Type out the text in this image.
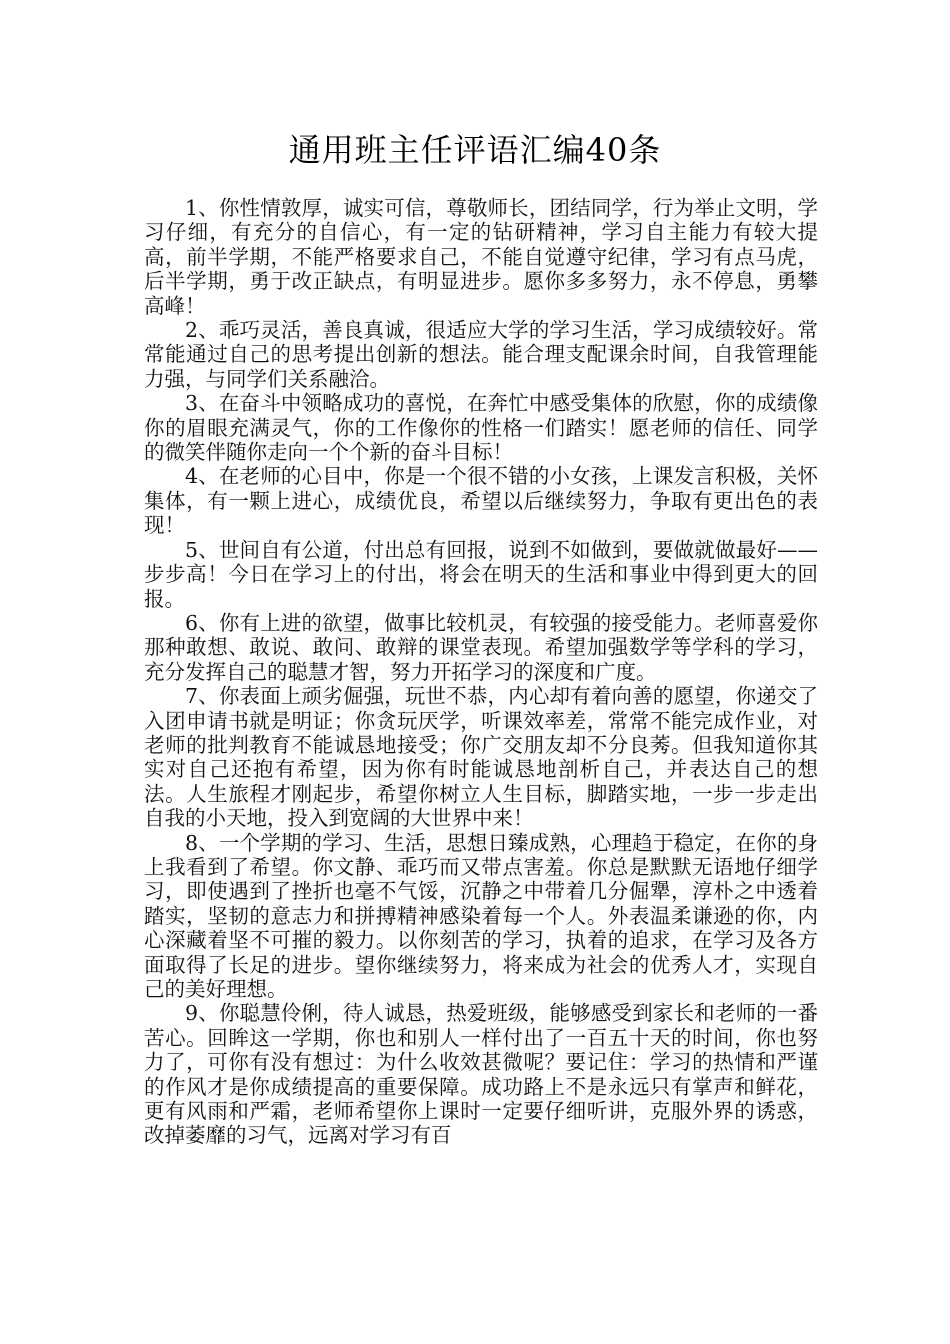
通用班主任评语汇编40条

1、你性情敦厚，诚实可信，尊敬师长，团结同学，行为举止文明，学习仔细，有充分的自信心，有一定的钻研精神，学习自主能力有较大提高，前半学期，不能严格要求自己，不能自觉遵守纪律，学习有点马虎，后半学期，勇于改正缺点，有明显进步。愿你多多努力，永不停息，勇攀高峰！

2、乖巧灵活，善良真诚，很适应大学的学习生活，学习成绩较好。常常能通过自己的思考提出创新的想法。能合理支配课余时间，自我管理能力强，与同学们关系融洽。

3、在奋斗中领略成功的喜悦，在奔忙中感受集体的欣慰，你的成绩像你的眉眼充满灵气，你的工作像你的性格一们踏实！愿老师的信任、同学的微笑伴随你走向一个个新的奋斗目标！

4、在老师的心目中，你是一个很不错的小女孩，上课发言积极，关怀集体，有一颗上进心，成绩优良，希望以后继续努力，争取有更出色的表现！

5、世间自有公道，付出总有回报，说到不如做到，要做就做最好——步步高！今日在学习上的付出，将会在明天的生活和事业中得到更大的回报。

6、你有上进的欲望，做事比较机灵，有较强的接受能力。老师喜爱你那种敢想、敢说、敢问、敢辩的课堂表现。希望加强数学等学科的学习，充分发挥自己的聪慧才智，努力开拓学习的深度和广度。

7、你表面上顽劣倔强，玩世不恭，内心却有着向善的愿望，你递交了入团申请书就是明证；你贪玩厌学，听课效率差，常常不能完成作业，对老师的批判教育不能诚恳地接受；你广交朋友却不分良莠。但我知道你其实对自己还抱有希望，因为你有时能诚恳地剖析自己，并表达自己的想法。人生旅程才刚起步，希望你树立人生目标，脚踏实地，一步一步走出自我的小天地，投入到宽阔的大世界中来！

8、一个学期的学习、生活，思想日臻成熟，心理趋于稳定，在你的身上我看到了希望。你文静、乖巧而又带点害羞。你总是默默无语地仔细学习，即使遇到了挫折也毫不气馁，沉静之中带着几分倔犟，淳朴之中透着踏实，坚韧的意志力和拼搏精神感染着每一个人。外表温柔谦逊的你，内心深藏着坚不可摧的毅力。以你刻苦的学习，执着的追求，在学习及各方面取得了长足的进步。望你继续努力，将来成为社会的优秀人才，实现自己的美好理想。

9、你聪慧伶俐，待人诚恳，热爱班级，能够感受到家长和老师的一番苦心。回眸这一学期，你也和别人一样付出了一百五十天的时间，你也努力了，可你有没有想过：为什么收效甚微呢？要记住：学习的热情和严谨的作风才是你成绩提高的重要保障。成功路上不是永远只有掌声和鲜花，更有风雨和严霜，老师希望你上课时一定要仔细听讲，克服外界的诱惑，改掉萎靡的习气，远离对学习有百
